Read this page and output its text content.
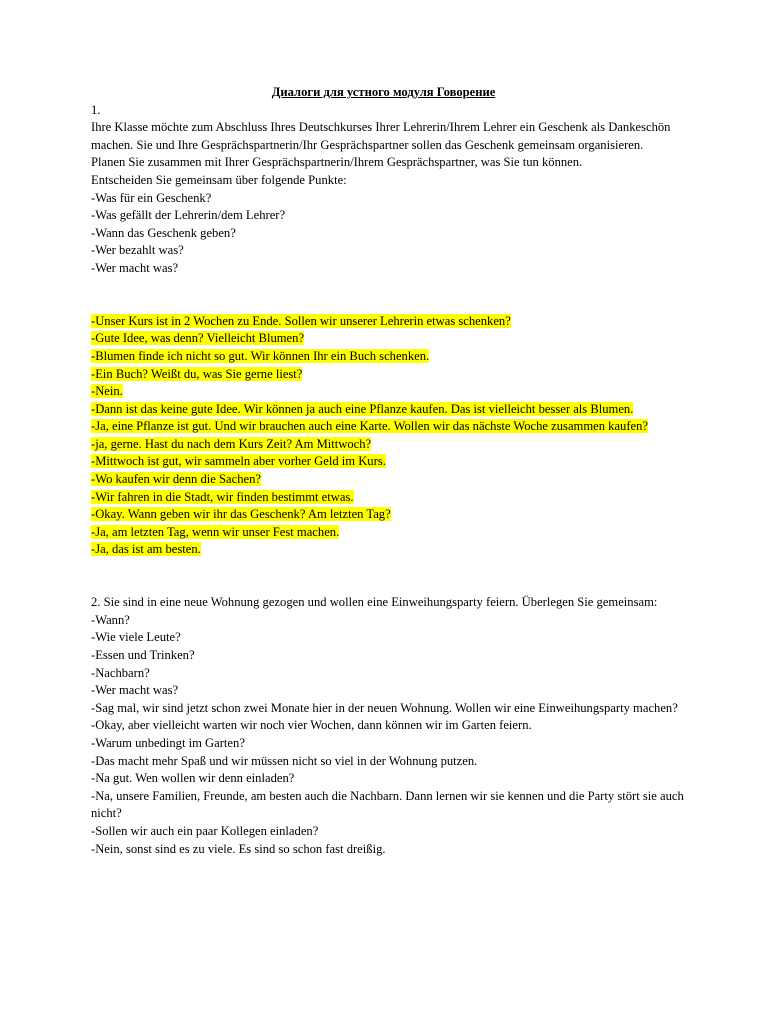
Диалоги для устного модуля Говорение

1.

Ihre Klasse möchte zum Abschluss Ihres Deutschkurses Ihrer Lehrerin/Ihrem Lehrer ein Geschenk als Dankeschön machen. Sie und Ihre Gesprächspartnerin/Ihr Gesprächspartner sollen das Geschenk gemeinsam organisieren.

Planen Sie zusammen mit Ihrer Gesprächspartnerin/Ihrem Gesprächspartner, was Sie tun können.

Entscheiden Sie gemeinsam über folgende Punkte:

-Was für ein Geschenk?

-Was gefällt der Lehrerin/dem Lehrer?

-Wann das Geschenk geben?

-Wer bezahlt was?

-Wer macht was?

-Unser Kurs ist in 2 Wochen zu Ende. Sollen wir unserer Lehrerin etwas schenken?

-Gute Idee, was denn? Vielleicht Blumen?

-Blumen finde ich nicht so gut. Wir können Ihr ein Buch schenken.

-Ein Buch? Weißt du, was Sie gerne liest?

-Nein.

-Dann ist das keine gute Idee. Wir können ja auch eine Pflanze kaufen. Das ist vielleicht besser als Blumen.

-Ja, eine Pflanze ist gut. Und wir brauchen auch eine Karte. Wollen wir das nächste Woche zusammen kaufen?

-ja, gerne. Hast du nach dem Kurs Zeit? Am Mittwoch?

-Mittwoch ist gut, wir sammeln aber vorher Geld im Kurs.

-Wo kaufen wir denn die Sachen?

-Wir fahren in die Stadt, wir finden bestimmt etwas.

-Okay. Wann geben wir ihr das Geschenk? Am letzten Tag?

-Ja, am letzten Tag, wenn wir unser Fest machen.

-Ja, das ist am besten.

2. Sie sind in eine neue Wohnung gezogen und wollen eine Einweihungsparty feiern. Überlegen Sie gemeinsam:

-Wann?

-Wie viele Leute?

-Essen und Trinken?

-Nachbarn?

-Wer macht was?

-Sag mal, wir sind jetzt schon zwei Monate hier in der neuen Wohnung. Wollen wir eine Einweihungsparty machen?

-Okay, aber vielleicht warten wir noch vier Wochen, dann können wir im Garten feiern.

-Warum unbedingt im Garten?

-Das macht mehr Spaß und wir müssen nicht so viel in der Wohnung putzen.

-Na gut. Wen wollen wir denn einladen?

-Na, unsere Familien, Freunde, am besten auch die Nachbarn. Dann lernen wir sie kennen und die Party stört sie auch nicht?

-Sollen wir auch ein paar Kollegen einladen?

-Nein, sonst sind es zu viele. Es sind so schon fast dreißig.
